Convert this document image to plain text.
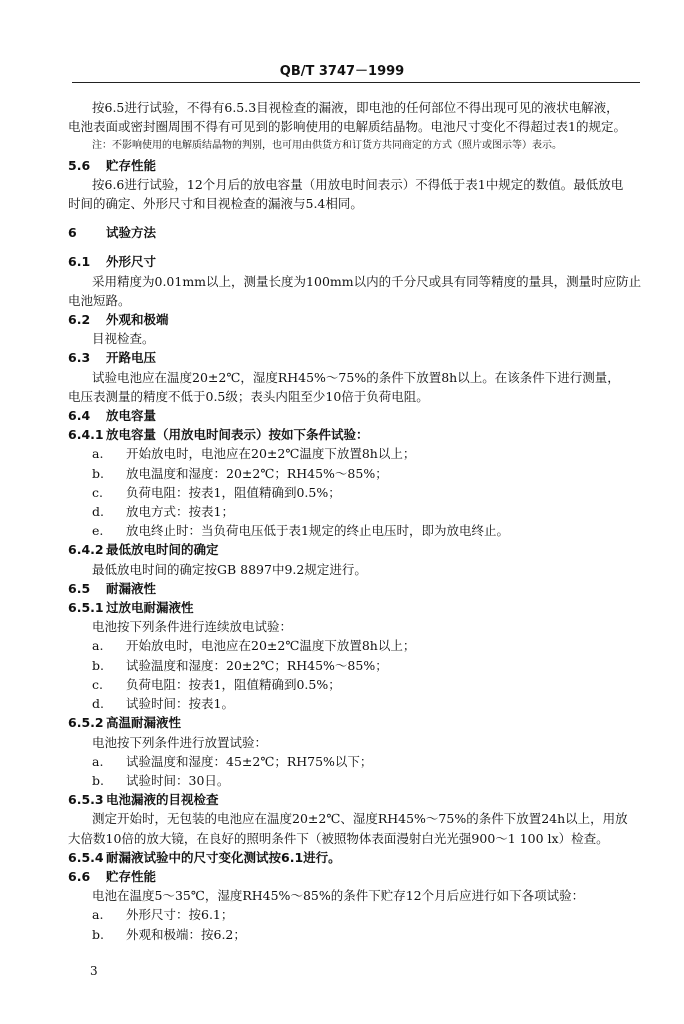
QB/T 3747－1999
按6.5进行试验，不得有6.5.3目视检查的漏液，即电池的任何部位不得出现可见的液状电解液，
电池表面或密封圈周围不得有可见到的影响使用的电解质结晶物。电池尺寸变化不得超过表1的规定。
注：不影响使用的电解质结晶物的判别，也可用由供货方和订货方共同商定的方式（照片或图示等）表示。
5.6 贮存性能
按6.6进行试验，12个月后的放电容量（用放电时间表示）不得低于表1中规定的数值。最低放电
时间的确定、外形尺寸和目视检查的漏液与5.4相同。
6 试验方法
6.1 外形尺寸
采用精度为0.01mm以上，测量长度为100mm以内的千分尺或具有同等精度的量具，测量时应防止
电池短路。
6.2 外观和极端
目视检查。
6.3 开路电压
试验电池应在温度20±2℃，湿度RH45%～75%的条件下放置8h以上。在该条件下进行测量，
电压表测量的精度不低于0.5级；表头内阻至少10倍于负荷电阻。
6.4 放电容量
6.4.1 放电容量（用放电时间表示）按如下条件试验：
a. 开始放电时，电池应在20±2℃温度下放置8h以上；
b. 放电温度和湿度：20±2℃；RH45%～85%；
c. 负荷电阻：按表1，阻值精确到0.5%；
d. 放电方式：按表1；
e. 放电终止时：当负荷电压低于表1规定的终止电压时，即为放电终止。
6.4.2 最低放电时间的确定
最低放电时间的确定按GB 8897中9.2规定进行。
6.5 耐漏液性
6.5.1 过放电耐漏液性
电池按下列条件进行连续放电试验：
a. 开始放电时，电池应在20±2℃温度下放置8h以上；
b. 试验温度和湿度：20±2℃；RH45%～85%；
c. 负荷电阻：按表1，阻值精确到0.5%；
d. 试验时间：按表1。
6.5.2 高温耐漏液性
电池按下列条件进行放置试验：
a. 试验温度和湿度：45±2℃；RH75%以下；
b. 试验时间：30日。
6.5.3 电池漏液的目视检查
测定开始时，无包装的电池应在温度20±2℃、湿度RH45%～75%的条件下放置24h以上，用放
大倍数10倍的放大镜，在良好的照明条件下（被照物体表面漫射白光光强900～1 100 lx）检查。
6.5.4 耐漏液试验中的尺寸变化测试按6.1进行。
6.6 贮存性能
电池在温度5～35℃，湿度RH45%～85%的条件下贮存12个月后应进行如下各项试验：
a. 外形尺寸：按6.1；
b. 外观和极端：按6.2；
3
